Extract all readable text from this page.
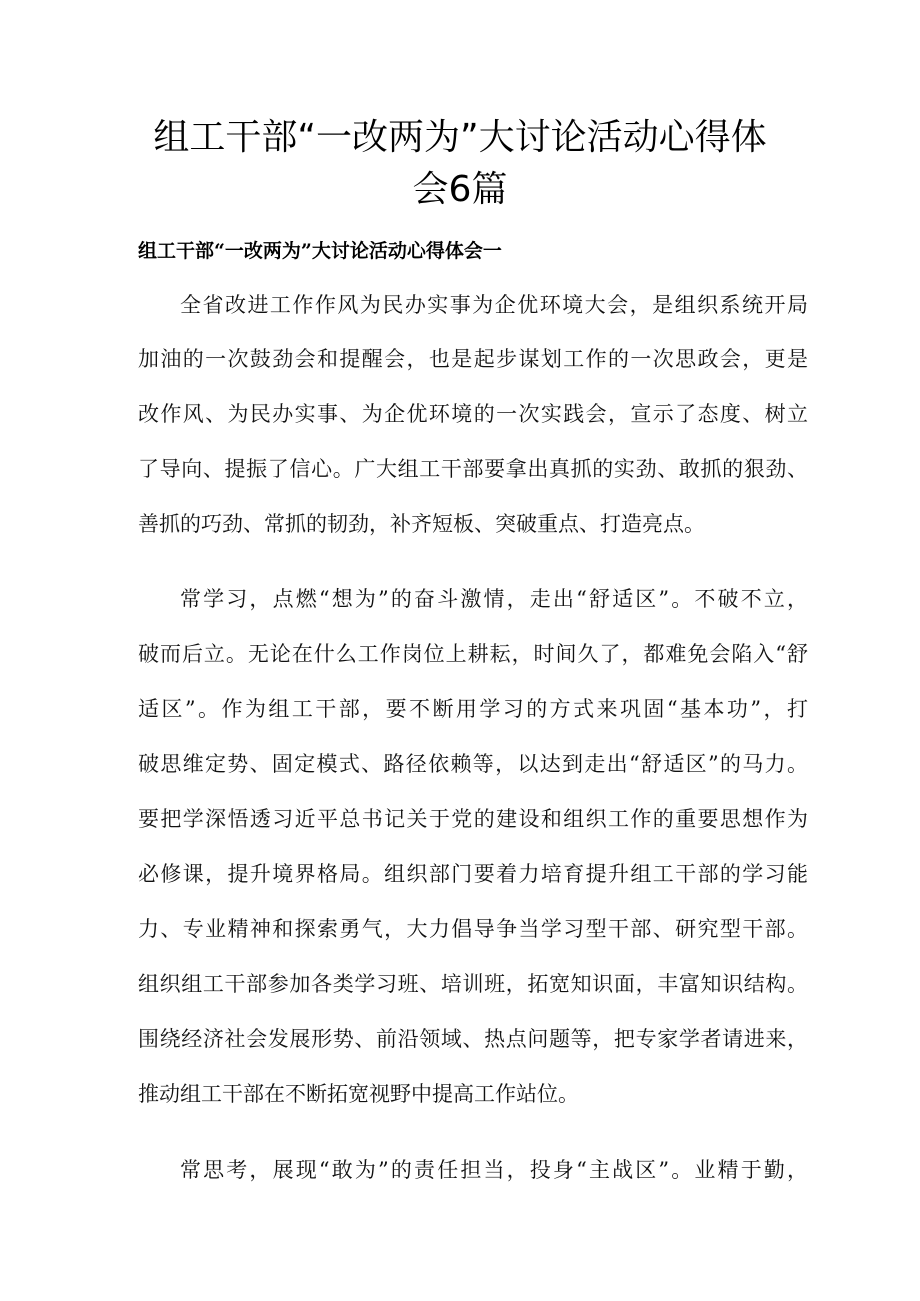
组工干部“一改两为”大讨论活动心得体
会6篇
组工干部“一改两为”大讨论活动心得体会一
全省改进工作作风为民办实事为企优环境大会，是组织系统开局
加油的一次鼓劲会和提醒会，也是起步谋划工作的一次思政会，更是
改作风、为民办实事、为企优环境的一次实践会，宣示了态度、树立
了导向、提振了信心。广大组工干部要拿出真抓的实劲、敢抓的狠劲、
善抓的巧劲、常抓的韧劲，补齐短板、突破重点、打造亮点。
常学习，点燃“想为”的奋斗激情，走出“舒适区”。不破不立，
破而后立。无论在什么工作岗位上耕耘，时间久了，都难免会陷入“舒
适区”。作为组工干部，要不断用学习的方式来巩固“基本功”，打
破思维定势、固定模式、路径依赖等，以达到走出“舒适区”的马力。
要把学深悟透习近平总书记关于党的建设和组织工作的重要思想作为
必修课，提升境界格局。组织部门要着力培育提升组工干部的学习能
力、专业精神和探索勇气，大力倡导争当学习型干部、研究型干部。
组织组工干部参加各类学习班、培训班，拓宽知识面，丰富知识结构。
围绕经济社会发展形势、前沿领域、热点问题等，把专家学者请进来，
推动组工干部在不断拓宽视野中提高工作站位。
常思考，展现“敢为”的责任担当，投身“主战区”。业精于勤，
